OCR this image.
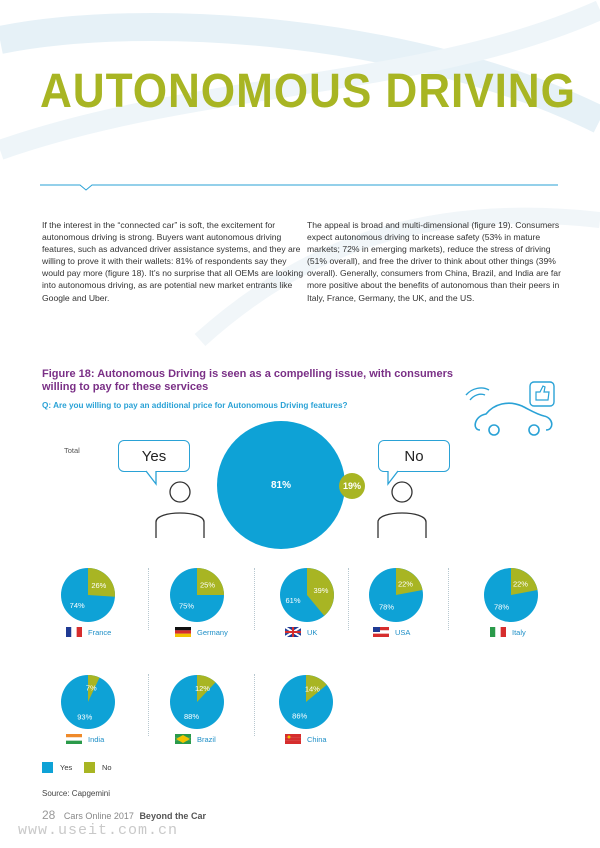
AUTONOMOUS DRIVING
If the interest in the “connected car” is soft, the excitement for autonomous driving is strong. Buyers want autonomous driving features, such as advanced driver assistance systems, and they are willing to prove it with their wallets: 81% of respondents say they would pay more (figure 18). It’s no surprise that all OEMs are looking into autonomous driving, as are potential new market entrants like Google and Uber.
The appeal is broad and multi-dimensional (figure 19). Consumers expect autonomous driving to increase safety (53% in mature markets; 72% in emerging markets), reduce the stress of driving (51% overall), and free the driver to think about other things (39% overall). Generally, consumers from China, Brazil, and India are far more positive about the benefits of autonomous than their peers in Italy, France, Germany, the UK, and the US.
Figure 18: Autonomous Driving is seen as a compelling issue, with consumers willing to pay for these services
Q: Are you willing to pay an additional price for Autonomous Driving features?
Total	Yes	No
81%	19%
26%
74%
France
25%
75%
Germany
39%
61%
UK
22%
78%
USA
22%
78%
Italy
7%
93%
India
12%
88%
Brazil
14%
86%
China
Yes	No
Source: Capgemini
28 Cars Online 2017 Beyond the Car
www.useit.com.cn
